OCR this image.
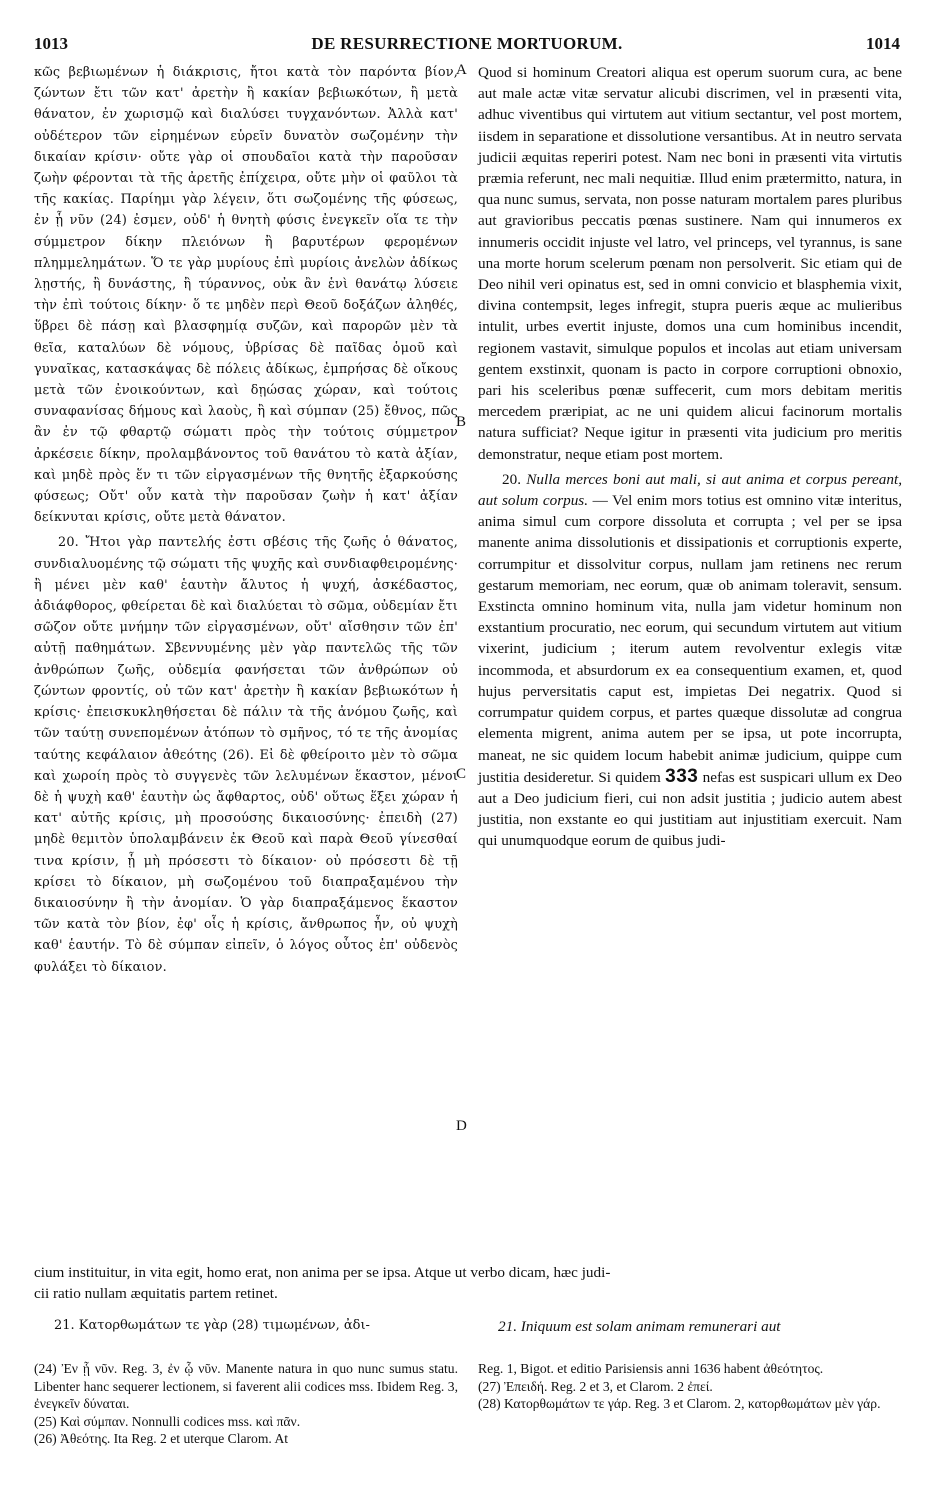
1013	DE RESURRECTIONE MORTUORUM.	1014

κῶς βεβιωμένων ἡ διάκρισις, ἤτοι κατὰ τὸν παρόντα βίον, ζώντων ἔτι τῶν κατ' ἀρετὴν ἢ κακίαν βεβιωκότων, ἢ μετὰ θάνατον, ἐν χωρισμῷ καὶ διαλύσει τυγχανόντων. Ἀλλὰ κατ' οὐδέτερον τῶν εἰρημένων εὑρεῖν δυνατὸν σωζομένην τὴν δικαίαν κρίσιν· οὔτε γὰρ οἱ σπουδαῖοι κατὰ τὴν παροῦσαν ζωὴν φέρονται τὰ τῆς ἀρετῆς ἐπίχειρα, οὔτε μὴν οἱ φαῦλοι τὰ τῆς κακίας. Παρίημι γὰρ λέγειν, ὅτι σωζομένης τῆς φύσεως, ἐν ᾗ νῦν (24) ἐσμεν, οὐδ' ἡ θνητὴ φύσις ἐνεγκεῖν οἵα τε τὴν σύμμετρον δίκην πλειόνων ἢ βαρυτέρων φερομένων πλημμελημάτων. Ὅ τε γὰρ μυρίους ἐπὶ μυρίοις ἀνελὼν ἀδίκως λῃστής, ἢ δυνάστης, ἢ τύραννος, οὐκ ἂν ἑνὶ θανάτῳ λύσειε τὴν ἐπὶ τούτοις δίκην· ὅ τε μηδὲν περὶ Θεοῦ δοξάζων ἀληθές, ὕβρει δὲ πάσῃ καὶ βλασφημίᾳ συζῶν, καὶ παρορῶν μὲν τὰ θεῖα, καταλύων δὲ νόμους, ὑβρίσας δὲ παῖδας ὁμοῦ καὶ γυναῖκας, κατασκάψας δὲ πόλεις ἀδίκως, ἐμπρήσας δὲ οἴκους μετὰ τῶν ἐνοικούντων, καὶ δῃώσας χώραν, καὶ τούτοις συναφανίσας δήμους καὶ λαοὺς, ἢ καὶ σύμπαν (25) ἔθνος, πῶς ἂν ἐν τῷ φθαρτῷ σώματι πρὸς τὴν τούτοις σύμμετρον ἀρκέσειε δίκην, προλαμβάνοντος τοῦ θανάτου τὸ κατὰ ἀξίαν, καὶ μηδὲ πρὸς ἕν τι τῶν εἰργασμένων τῆς θνητῆς ἐξαρκούσης φύσεως; Οὔτ' οὖν κατὰ τὴν παροῦσαν ζωὴν ἡ κατ' ἀξίαν δείκνυται κρίσις, οὔτε μετὰ θάνατον.

20. Ἤτοι γὰρ παντελής ἐστι σβέσις τῆς ζωῆς ὁ θάνατος, συνδιαλυομένης τῷ σώματι τῆς ψυχῆς καὶ συνδιαφθειρομένης· ἢ μένει μὲν καθ' ἑαυτὴν ἄλυτος ἡ ψυχή, ἀσκέδαστος, ἀδιάφθορος, φθείρεται δὲ καὶ διαλύεται τὸ σῶμα, οὐδεμίαν ἔτι σῶζον οὔτε μνήμην τῶν εἰργασμένων, οὔτ' αἴσθησιν τῶν ἐπ' αὐτῇ παθημάτων. Σβεννυμένης μὲν γὰρ παντελῶς τῆς τῶν ἀνθρώπων ζωῆς, οὐδεμία φανήσεται τῶν ἀνθρώπων οὐ ζώντων φροντίς, οὐ τῶν κατ' ἀρετὴν ἢ κακίαν βεβιωκότων ἡ κρίσις· ἐπεισκυκληθήσεται δὲ πάλιν τὰ τῆς ἀνόμου ζωῆς, καὶ τῶν ταύτῃ συνεπομένων ἀτόπων τὸ σμῆνος, τό τε τῆς ἀνομίας ταύτης κεφάλαιον ἀθεότης (26). Εἰ δὲ φθείροιτο μὲν τὸ σῶμα καὶ χωροίη πρὸς τὸ συγγενὲς τῶν λελυμένων ἕκαστον, μένοι δὲ ἡ ψυχὴ καθ' ἑαυτὴν ὡς ἄφθαρτος, οὐδ' οὕτως ἕξει χώραν ἡ κατ' αὐτῆς κρίσις, μὴ προσούσης δικαιοσύνης· ἐπειδὴ (27) μηδὲ θεμιτὸν ὑπολαμβάνειν ἐκ Θεοῦ καὶ παρὰ Θεοῦ γίνεσθαί τινα κρίσιν, ᾗ μὴ πρόσεστι τὸ δίκαιον· οὐ πρόσεστι δὲ τῇ κρίσει τὸ δίκαιον, μὴ σωζομένου τοῦ διαπραξαμένου τὴν δικαιοσύνην ἢ τὴν ἀνομίαν. Ὁ γὰρ διαπραξάμενος ἕκαστον τῶν κατὰ τὸν βίον, ἐφ' οἷς ἡ κρίσις, ἄνθρωπος ἦν, οὐ ψυχὴ καθ' ἑαυτήν. Τὸ δὲ σύμπαν εἰπεῖν, ὁ λόγος οὗτος ἐπ' οὐδενὸς φυλάξει τὸ δίκαιον.

A
B
C
D

Quod si hominum Creatori aliqua est operum suorum cura, ac bene aut male actæ vitæ servatur alicubi discrimen, vel in præsenti vita, adhuc viventibus qui virtutem aut vitium sectantur, vel post mortem, iisdem in separatione et dissolutione versantibus. At in neutro servata judicii æquitas reperiri potest. Nam nec boni in præsenti vita virtutis præmia referunt, nec mali nequitiæ. Illud enim prætermitto, natura, in qua nunc sumus, servata, non posse naturam mortalem pares pluribus aut gravioribus peccatis pœnas sustinere. Nam qui innumeros ex innumeris occidit injuste vel latro, vel princeps, vel tyrannus, is sane una morte horum scelerum pœnam non persolverit. Sic etiam qui de Deo nihil veri opinatus est, sed in omni convicio et blasphemia vixit, divina contempsit, leges infregit, stupra pueris æque ac mulieribus intulit, urbes evertit injuste, domos una cum hominibus incendit, regionem vastavit, simulque populos et incolas aut etiam universam gentem exstinxit, quonam is pacto in corpore corruptioni obnoxio, pari his sceleribus pœnæ suffecerit, cum mors debitam meritis mercedem præripiat, ac ne uni quidem alicui facinorum mortalis natura sufficiat? Neque igitur in præsenti vita judicium pro meritis demonstratur, neque etiam post mortem.

20. Nulla merces boni aut mali, si aut anima et corpus pereant, aut solum corpus. — Vel enim mors totius est omnino vitæ interitus, anima simul cum corpore dissoluta et corrupta ; vel per se ipsa manente anima dissolutionis et dissipationis et corruptionis experte, corrumpitur et dissolvitur corpus, nullam jam retinens nec rerum gestarum memoriam, nec eorum, quæ ob animam toleravit, sensum. Exstincta omnino hominum vita, nulla jam videtur hominum non exstantium procuratio, nec eorum, qui secundum virtutem aut vitium vixerint, judicium ; iterum autem revolventur exlegis vitæ incommoda, et absurdorum ex ea consequentium examen, et, quod hujus perversitatis caput est, impietas Dei negatrix. Quod si corrumpatur quidem corpus, et partes quæque dissolutæ ad congrua elementa migrent, anima autem per se ipsa, ut pote incorrupta, maneat, ne sic quidem locum habebit animæ judicium, quippe cum justitia desideretur. Si quidem 333 nefas est suspicari ullum ex Deo aut a Deo judicium fieri, cui non adsit justitia ; judicio autem abest justitia, non exstante eo qui justitiam aut injustitiam exercuit. Nam qui unumquodque eorum de quibus judi-

cium instituitur, in vita egit, homo erat, non anima per se ipsa. Atque ut verbo dicam, hæc judi-
cii ratio nullam æquitatis partem retinet.
21. Κατορθωμάτων τε γὰρ (28) τιμωμένων, ἀδι-	21. Iniquum est solam animam remunerari aut

(24) Ἐν ᾗ νῦν. Reg. 3, ἐν ᾧ νῦν. Manente natura in quo nunc sumus statu. Libenter hanc sequerer lectionem, si faverent alii codices mss. Ibidem Reg. 3, ἐνεγκεῖν δύναται.

(25) Καὶ σύμπαν. Nonnulli codices mss. καὶ πᾶν.

(26) Ἀθεότης. Ita Reg. 2 et uterque Clarom. At

Reg. 1, Bigot. et editio Parisiensis anni 1636 habent ἀθεότητος.

(27) Ἐπειδή. Reg. 2 et 3, et Clarom. 2 ἐπεί.

(28) Κατορθωμάτων τε γάρ. Reg. 3 et Clarom. 2, κατορθωμάτων μὲν γάρ.
